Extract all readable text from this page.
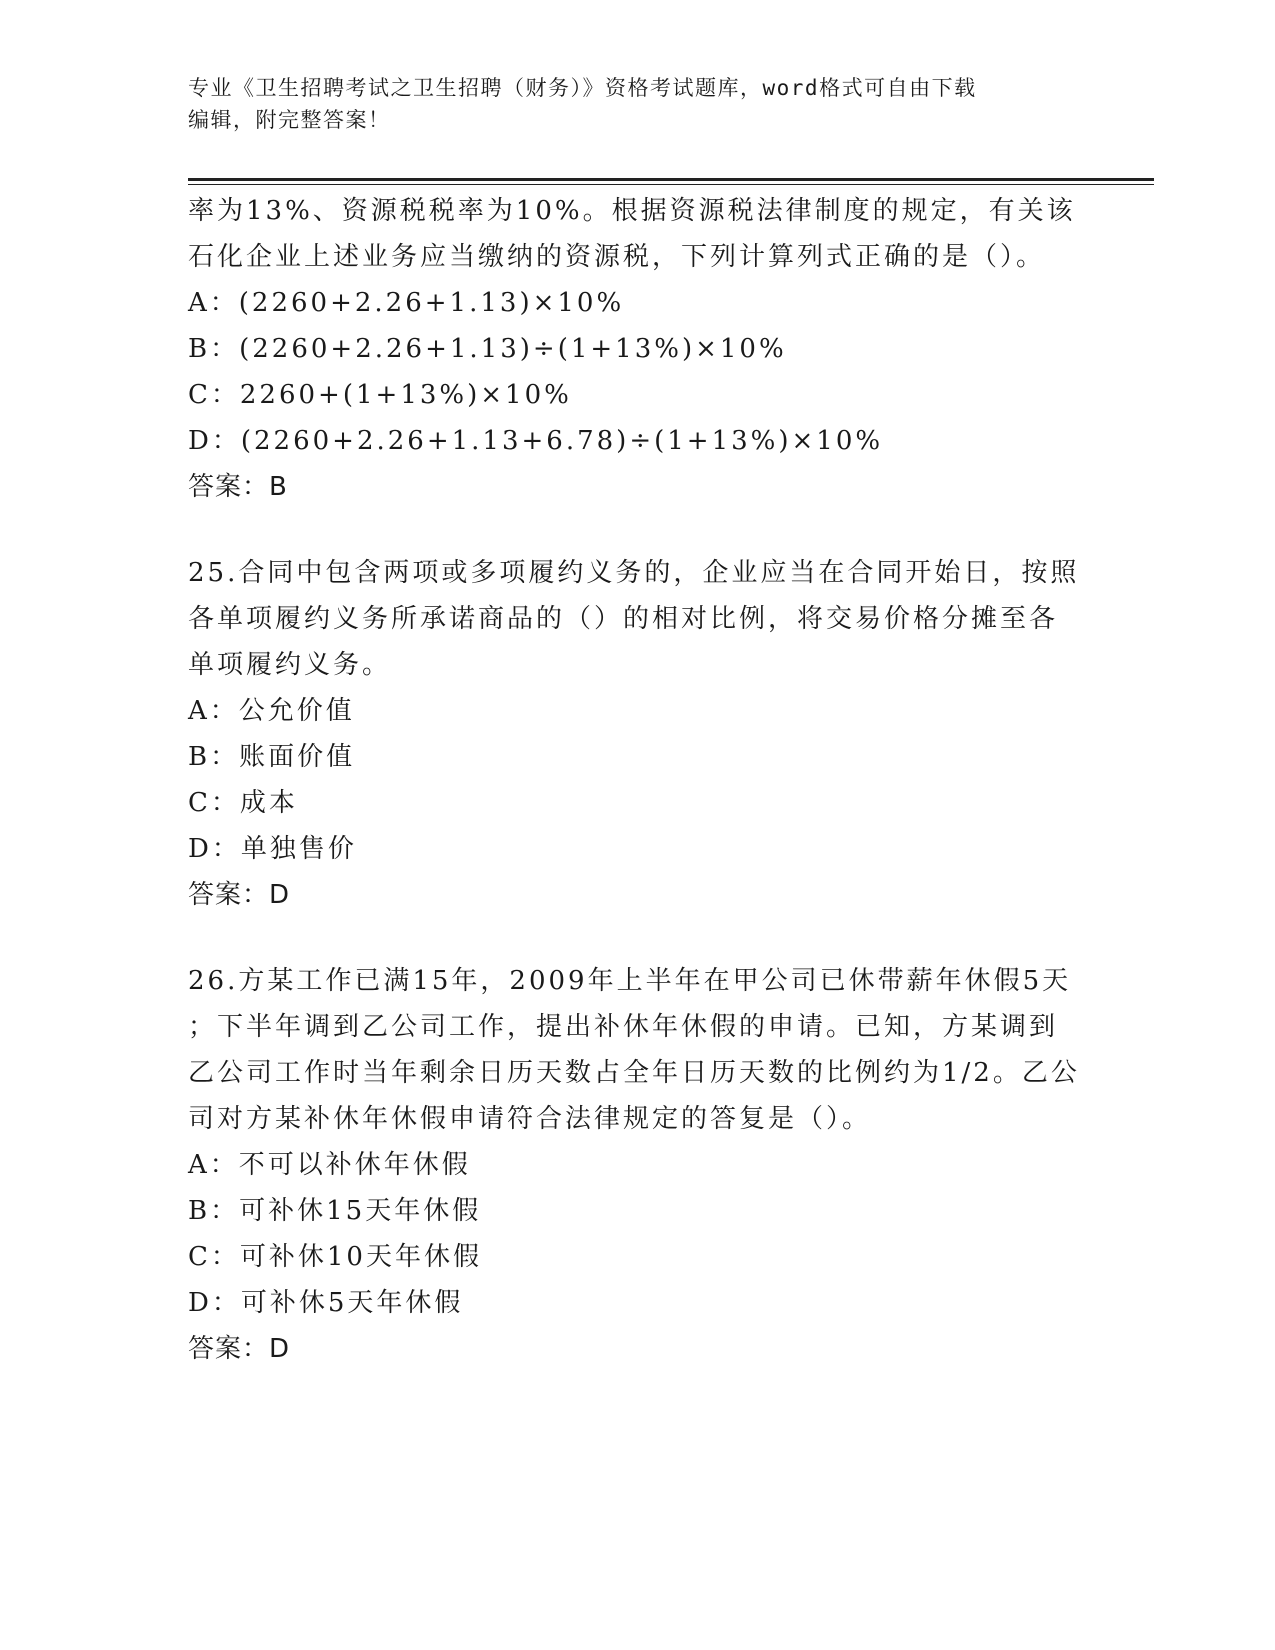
专业《卫生招聘考试之卫生招聘（财务）》资格考试题库，word格式可自由下载
编辑，附完整答案！
率为13%、资源税税率为10%。根据资源税法律制度的规定，有关该
石化企业上述业务应当缴纳的资源税，下列计算列式正确的是（）。
A：(2260+2.26+1.13)×10%
B：(2260+2.26+1.13)÷(1+13%)×10%
C：2260+(1+13%)×10%
D：(2260+2.26+1.13+6.78)÷(1+13%)×10%
答案：B
25.合同中包含两项或多项履约义务的，企业应当在合同开始日，按照
各单项履约义务所承诺商品的（）的相对比例，将交易价格分摊至各
单项履约义务。
A：公允价值
B：账面价值
C：成本
D：单独售价
答案：D
26.方某工作已满15年，2009年上半年在甲公司已休带薪年休假5天
；下半年调到乙公司工作，提出补休年休假的申请。已知，方某调到
乙公司工作时当年剩余日历天数占全年日历天数的比例约为1/2。乙公
司对方某补休年休假申请符合法律规定的答复是（）。
A：不可以补休年休假
B：可补休15天年休假
C：可补休10天年休假
D：可补休5天年休假
答案：D
